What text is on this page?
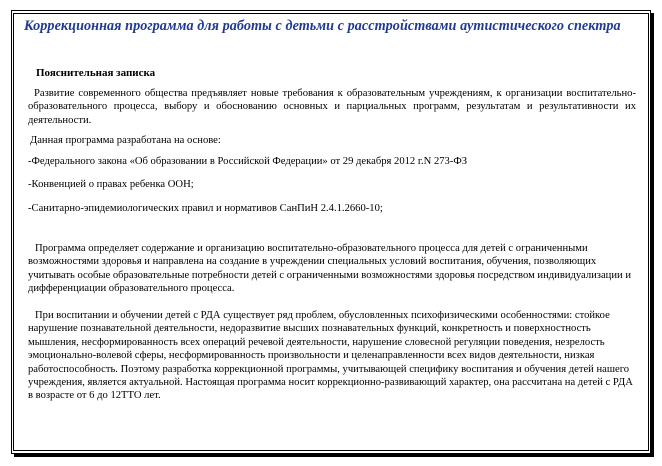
Коррекционная программа для работы с детьми с расстройствами аутистического спектра
Пояснительная записка

Развитие современного общества предъявляет новые требования к образовательным учреждениям, к организации воспитательно-образовательного процесса, выбору и обоснованию основных и парциальных программ, результатам и результативности их деятельности.

Данная программа разработана на основе:

-Федерального закона «Об образовании в Российской Федерации» от 29 декабря 2012 г.N 273-ФЗ

-Конвенцией о правах ребенка ООН;

-Санитарно-эпидемиологических правил и нормативов СанПиН 2.4.1.2660-10;

Программа определяет содержание и организацию воспитательно-образовательного процесса для детей с ограниченными возможностями здоровья и направлена на создание в учреждении специальных условий воспитания, обучения, позволяющих учитывать особые образовательные потребности детей с ограниченными возможностями здоровья посредством индивидуализации и дифференциации образовательного процесса.

При воспитании и обучении детей с РДА существует ряд проблем, обусловленных психофизическими особенностями: стойкое нарушение познавательной деятельности, недоразвитие высших познавательных функций, конкретность и поверхностность мышления, несформированность всех операций речевой деятельности, нарушение словесной регуляции поведения, незрелость эмоционально-волевой сферы, несформированность произвольности и целенаправленности всех видов деятельности, низкая работоспособность. Поэтому разработка коррекционной программы, учитывающей специфику воспитания и обучения детей нашего учреждения, является актуальной. Настоящая программа носит коррекционно-развивающий характер, она рассчитана на детей с РДА в возрасте от 6 до 12ТТО лет.
